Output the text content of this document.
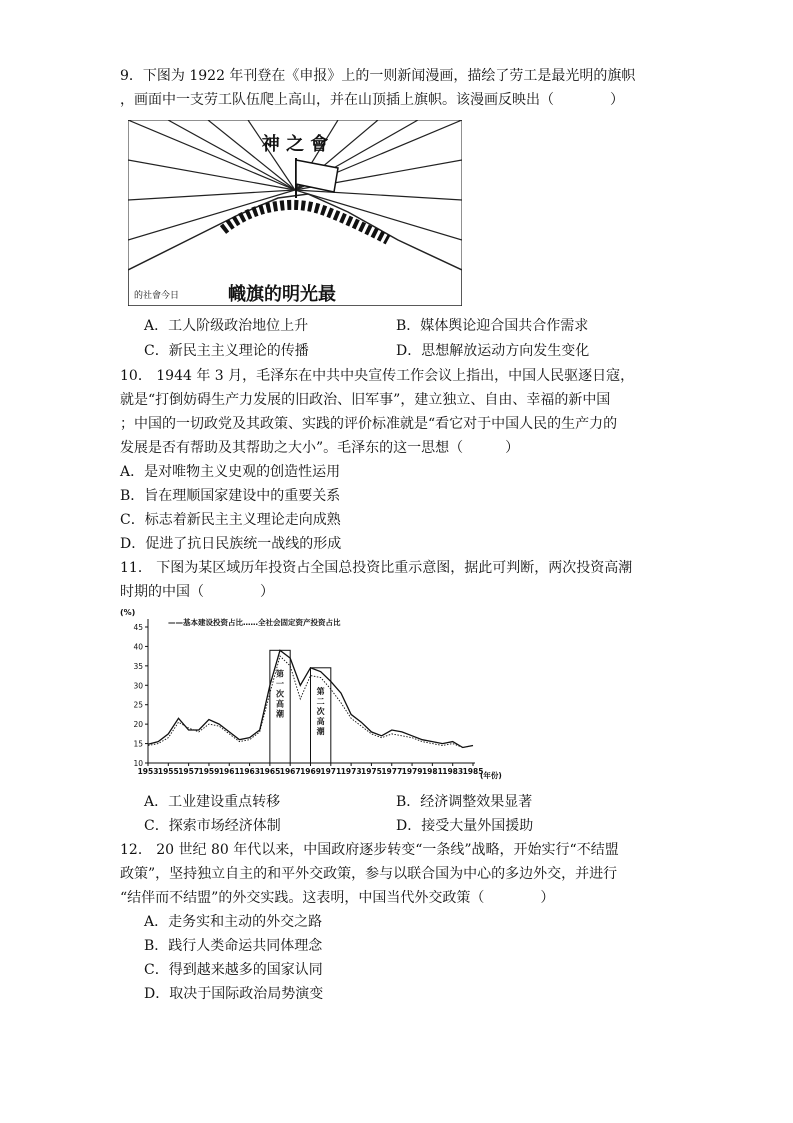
9．下图为 1922 年刊登在《申报》上的一则新闻漫画，描绘了劳工是最光明的旗帜
，画面中一支劳工队伍爬上高山，并在山顶插上旗帜。该漫画反映出（　　　　）
神 之 會
的社會今日	幟旗的明光最
A．工人阶级政治地位上升	B．媒体舆论迎合国共合作需求
C．新民主主义理论的传播	D．思想解放运动方向发生变化
10． 1944 年 3 月，毛泽东在中共中央宣传工作会议上指出，中国人民驱逐日寇，
就是“打倒妨碍生产力发展的旧政治、旧军事”，建立独立、自由、幸福的新中国
；中国的一切政党及其政策、实践的评价标准就是“看它对于中国人民的生产力的
发展是否有帮助及其帮助之大小”。毛泽东的这一思想（　　　）
A．是对唯物主义史观的创造性运用
B．旨在理顺国家建设中的重要关系
C．标志着新民主主义理论走向成熟
D．促进了抗日民族统一战线的形成
11． 下图为某区域历年投资占全国总投资比重示意图，据此可判断，两次投资高潮
时期的中国（　　　　）
(%)
——基本建设投资占比……全社会固定资产投资占比
(年份)
10
15
20
25
30
35
40
45
1953 1955 1957 1959 1961 1963 1965 1967 1969 1971 1973 1975 1977 1979 1981 1983 1985
第
一
次
高
潮
第
二
次
高
潮
A．工业建设重点转移	B．经济调整效果显著
C．探索市场经济体制	D．接受大量外国援助
12． 20 世纪 80 年代以来，中国政府逐步转变“一条线”战略，开始实行“不结盟
政策”，坚持独立自主的和平外交政策，参与以联合国为中心的多边外交，并进行
“结伴而不结盟”的外交实践。这表明，中国当代外交政策（　　　　）
A．走务实和主动的外交之路
B．践行人类命运共同体理念
C．得到越来越多的国家认同
D．取决于国际政治局势演变
